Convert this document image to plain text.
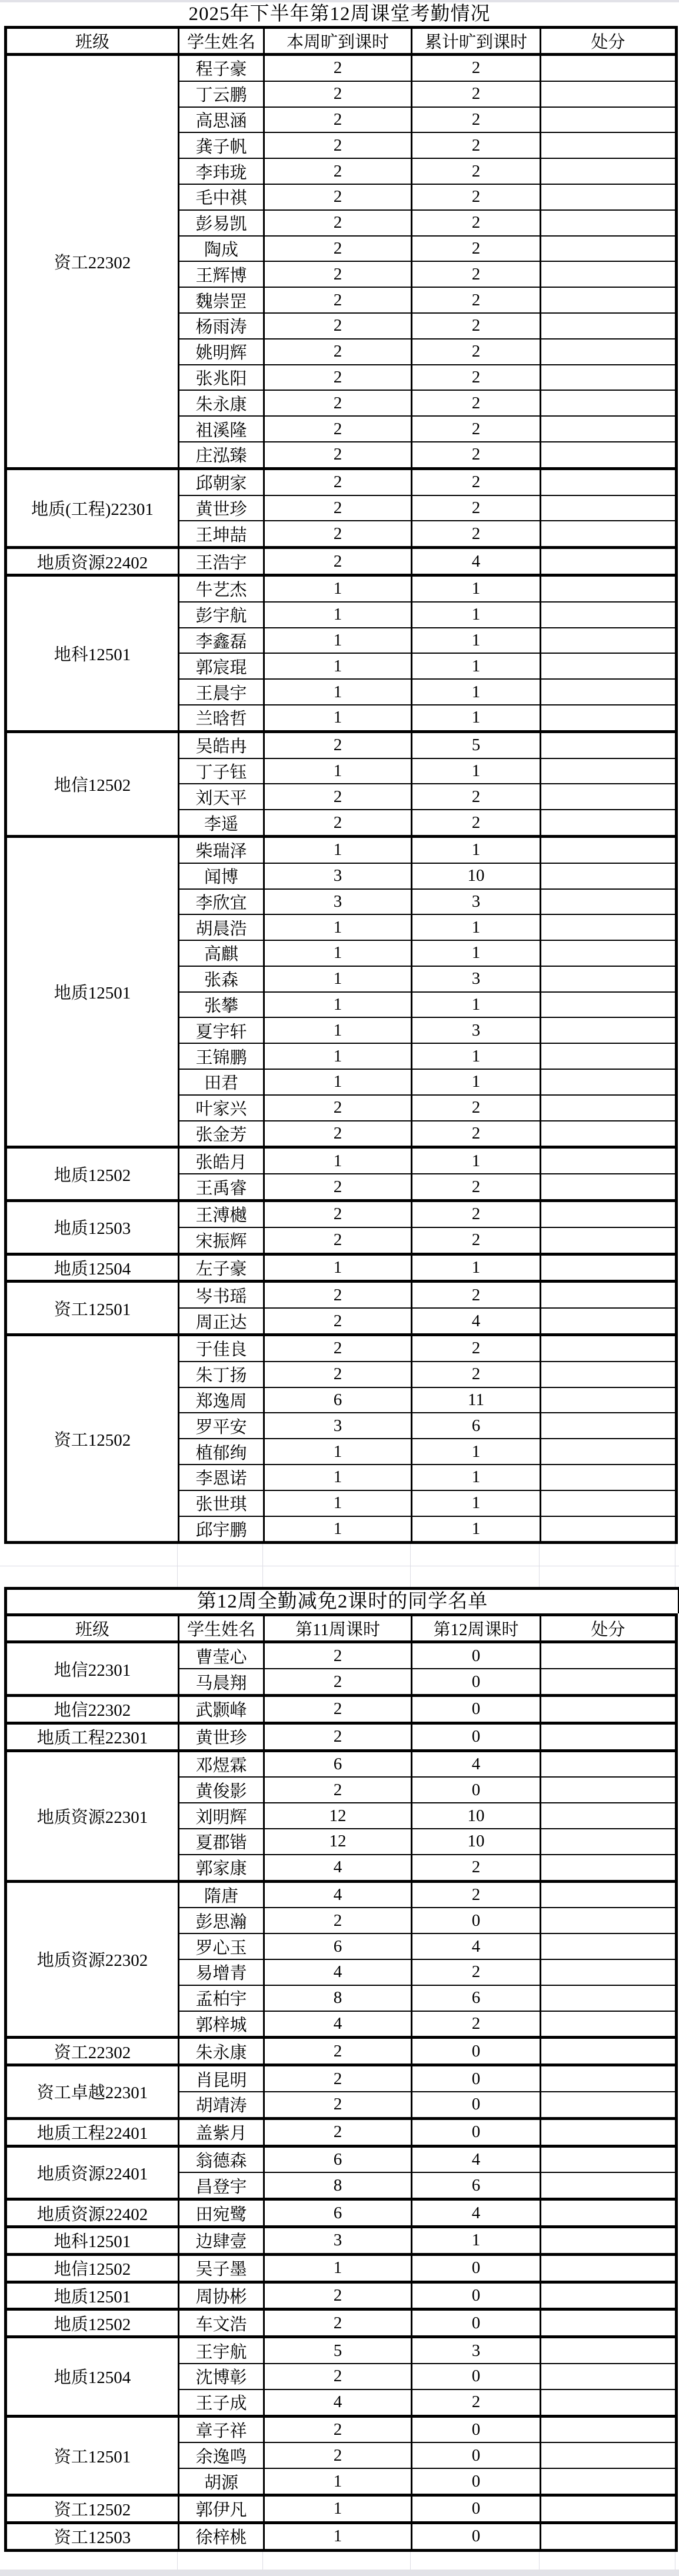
2025年下半年第12周课堂考勤情况
班级	学生姓名	本周旷到课时	累计旷到课时	处分
资工22302	程子豪	2	2	
	丁云鹏	2	2	
	高思涵	2	2	
	龚子帆	2	2	
	李玮珑	2	2	
	毛中祺	2	2	
	彭易凯	2	2	
	陶成	2	2	
	王辉博	2	2	
	魏崇罡	2	2	
	杨雨涛	2	2	
	姚明辉	2	2	
	张兆阳	2	2	
	朱永康	2	2	
	祖溪隆	2	2	
	庄泓臻	2	2	
地质(工程)22301	邱朝家	2	2	
	黄世珍	2	2	
	王坤喆	2	2	
地质资源22402	王浩宇	2	4	
地科12501	牛艺杰	1	1	
	彭宇航	1	1	
	李鑫磊	1	1	
	郭宸琨	1	1	
	王晨宇	1	1	
	兰晗哲	1	1	
地信12502	吴皓冉	2	5	
	丁子钰	1	1	
	刘天平	2	2	
	李遥	2	2	
地质12501	柴瑞泽	1	1	
	闻博	3	10	
	李欣宜	3	3	
	胡晨浩	1	1	
	高麒	1	1	
	张森	1	3	
	张攀	1	1	
	夏宇轩	1	3	
	王锦鹏	1	1	
	田君	1	1	
	叶家兴	2	2	
	张金芳	2	2	
地质12502	张皓月	1	1	
	王禹睿	2	2	
地质12503	王溥樾	2	2	
	宋振辉	2	2	
地质12504	左子豪	1	1	
资工12501	岑书瑶	2	2	
	周正达	2	4	
资工12502	于佳良	2	2	
	朱丁扬	2	2	
	郑逸周	6	11	
	罗平安	3	6	
	植郁绚	1	1	
	李恩诺	1	1	
	张世琪	1	1	
	邱宇鹏	1	1	
第12周全勤减免2课时的同学名单
班级	学生姓名	第11周课时	第12周课时	处分
地信22301	曹莹心	2	0	
	马晨翔	2	0	
地信22302	武颢峰	2	0	
地质工程22301	黄世珍	2	0	
地质资源22301	邓煜霖	6	4	
	黄俊影	2	0	
	刘明辉	12	10	
	夏郡锴	12	10	
	郭家康	4	2	
地质资源22302	隋唐	4	2	
	彭思瀚	2	0	
	罗心玉	6	4	
	易增青	4	2	
	孟柏宇	8	6	
	郭梓城	4	2	
资工22302	朱永康	2	0	
资工卓越22301	肖昆明	2	0	
	胡靖涛	2	0	
地质工程22401	盖紫月	2	0	
地质资源22401	翁德森	6	4	
	昌登宇	8	6	
地质资源22402	田宛鹭	6	4	
地科12501	边肆壹	3	1	
地信12502	吴子墨	1	0	
地质12501	周协彬	2	0	
地质12502	车文浩	2	0	
地质12504	王宇航	5	3	
	沈博彰	2	0	
	王子成	4	2	
资工12501	章子祥	2	0	
	余逸鸣	2	0	
	胡源	1	0	
资工12502	郭伊凡	1	0	
资工12503	徐梓桃	1	0	
